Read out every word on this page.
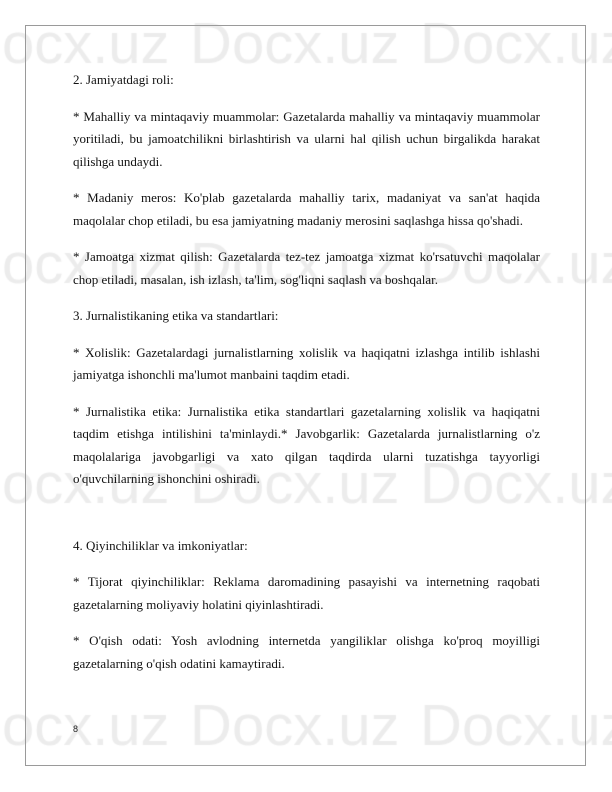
2. Jamiyatdagi roli:

* Mahalliy va mintaqaviy muammolar: Gazetalarda mahalliy va mintaqaviy muammolar yoritiladi, bu jamoatchilikni birlashtirish va ularni hal qilish uchun birgalikda harakat qilishga undaydi.

* Madaniy meros: Ko'plab gazetalarda mahalliy tarix, madaniyat va san'at haqida maqolalar chop etiladi, bu esa jamiyatning madaniy merosini saqlashga hissa qo'shadi.

* Jamoatga xizmat qilish: Gazetalarda tez-tez jamoatga xizmat ko'rsatuvchi maqolalar chop etiladi, masalan, ish izlash, ta'lim, sog'liqni saqlash va boshqalar.

3. Jurnalistikaning etika va standartlari:

* Xolislik: Gazetalardagi jurnalistlarning xolislik va haqiqatni izlashga intilib ishlashi jamiyatga ishonchli ma'lumot manbaini taqdim etadi.

* Jurnalistika etika: Jurnalistika etika standartlari gazetalarning xolislik va haqiqatni taqdim etishga intilishini ta'minlaydi.* Javobgarlik: Gazetalarda jurnalistlarning o'z maqolalariga javobgarligi va xato qilgan taqdirda ularni tuzatishga tayyorligi o'quvchilarning ishonchini oshiradi.

4. Qiyinchiliklar va imkoniyatlar:

* Tijorat qiyinchiliklar: Reklama daromadining pasayishi va internetning raqobati gazetalarning moliyaviy holatini qiyinlashtiradi.

* O'qish odati: Yosh avlodning internetda yangiliklar olishga ko'proq moyilligi gazetalarning o'qish odatini kamaytiradi.

8
